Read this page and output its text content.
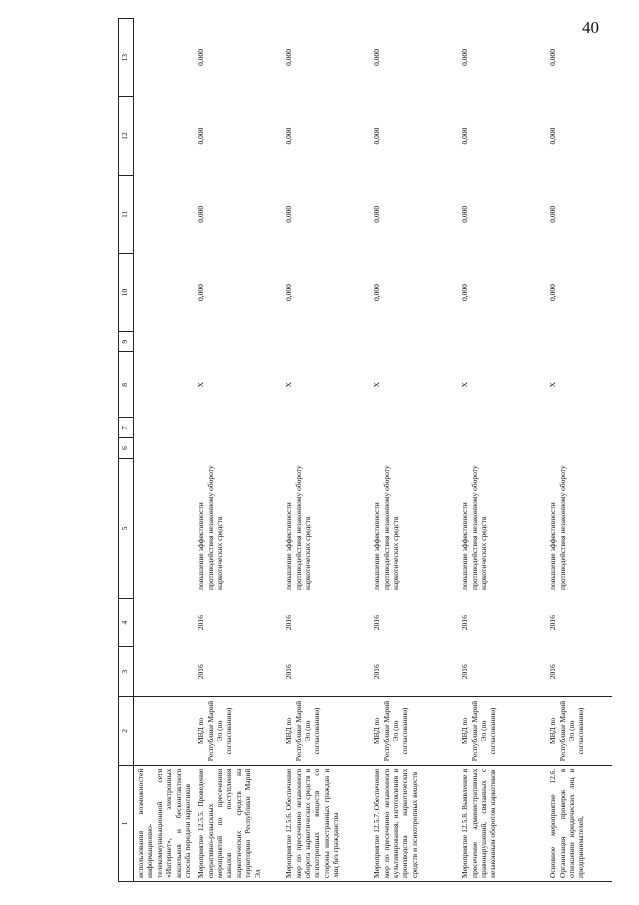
40
1	2	3	4	5	6	7	8	9	10	11	12	13
использования возможностей информационно-телекоммуникационной сети «Интернет», электронных кошельков и бесконтактного способа передачи наркотиков												
Мероприятие 12.5.5. Проведение оперативно-розыскных мероприятий по пресечению каналов поступления наркотических средств на территорию Республики Марий Эл	МВД по Республике Марий Эл (по согласованию)	2016	2016	повышение эффективности противодействия незаконному обороту наркотических средств			Х		0,000	0,000	0,000	0,000
Мероприятие 12.5.6. Обеспечение мер по пресечению незаконного оборота наркотических средств и психотропных веществ со стороны иностранных граждан и лиц без гражданства	МВД по Республике Марий Эл (по согласованию)	2016	2016	повышение эффективности противодействия незаконному обороту наркотических средств			Х		0,000	0,000	0,000	0,000
Мероприятие 12.5.7. Обеспечение мер по пресечению незаконного культивирования, изготовления и производства наркотических средств и психотропных веществ	МВД по Республике Марий Эл (по согласованию)	2016	2016	повышение эффективности противодействия незаконному обороту наркотических средств			Х		0,000	0,000	0,000	0,000
Мероприятие 12.5.8. Выявление и пресечение административных правонарушений, связанных с незаконным оборотом наркотиков	МВД по Республике Марий Эл (по согласованию)	2016	2016	повышение эффективности противодействия незаконному обороту наркотических средств			Х		0,000	0,000	0,000	0,000
Основное мероприятие 12.6. Организация проверок в отношении юридических лиц и предпринимателей,	МВД по Республике Марий Эл (по согласованию)	2016	2016	повышение эффективности противодействия незаконному обороту			Х		0,000	0,000	0,000	0,000
